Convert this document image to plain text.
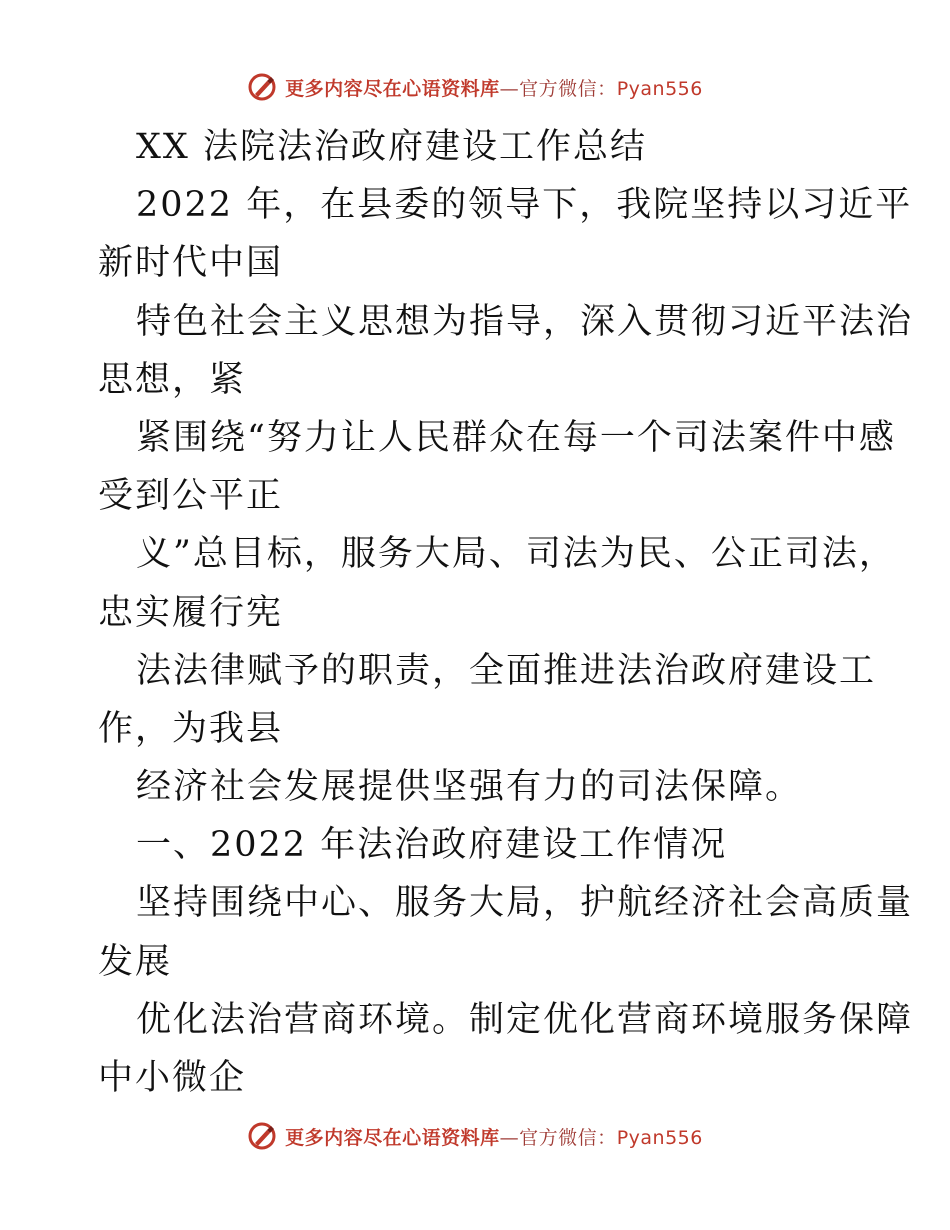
更多内容尽在心语资料库—官方微信：Pyan556
XX 法院法治政府建设工作总结
2022 年，在县委的领导下，我院坚持以习近平
新时代中国
特色社会主义思想为指导，深入贯彻习近平法治
思想，紧
紧围绕“努力让人民群众在每一个司法案件中感
受到公平正
义”总目标，服务大局、司法为民、公正司法，
忠实履行宪
法法律赋予的职责，全面推进法治政府建设工
作，为我县
经济社会发展提供坚强有力的司法保障。
一、2022 年法治政府建设工作情况
坚持围绕中心、服务大局，护航经济社会高质量
发展
优化法治营商环境。制定优化营商环境服务保障
中小微企
更多内容尽在心语资料库—官方微信：Pyan556
